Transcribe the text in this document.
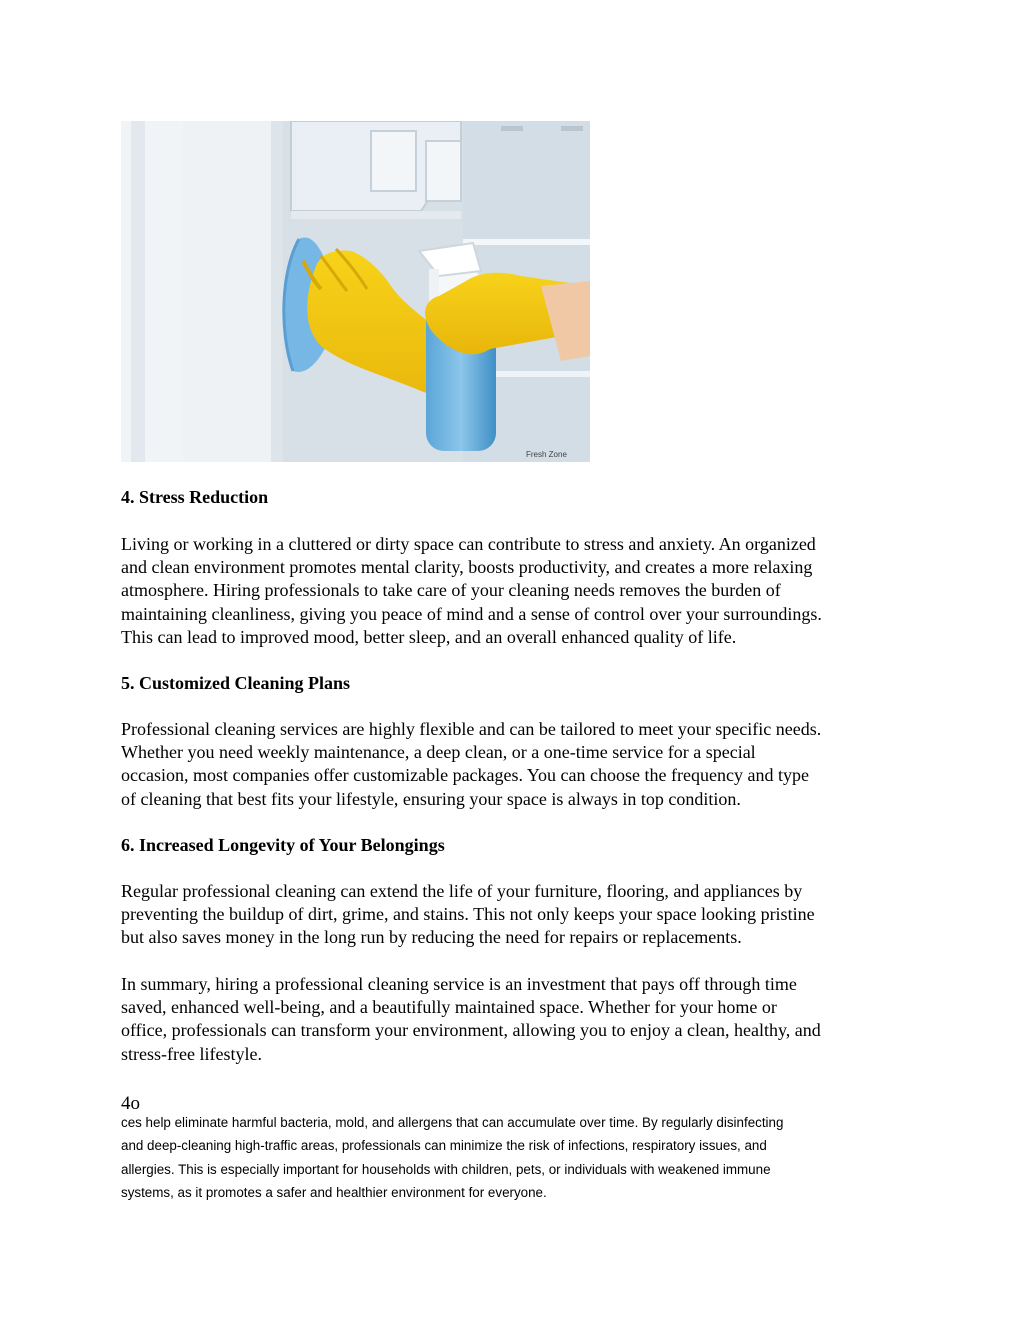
Fresh Zone
4. Stress Reduction

Living or working in a cluttered or dirty space can contribute to stress and anxiety. An organized
and clean environment promotes mental clarity, boosts productivity, and creates a more relaxing
atmosphere. Hiring professionals to take care of your cleaning needs removes the burden of
maintaining cleanliness, giving you peace of mind and a sense of control over your surroundings.
This can lead to improved mood, better sleep, and an overall enhanced quality of life.

5. Customized Cleaning Plans

Professional cleaning services are highly flexible and can be tailored to meet your specific needs.
Whether you need weekly maintenance, a deep clean, or a one-time service for a special
occasion, most companies offer customizable packages. You can choose the frequency and type
of cleaning that best fits your lifestyle, ensuring your space is always in top condition.

6. Increased Longevity of Your Belongings

Regular professional cleaning can extend the life of your furniture, flooring, and appliances by
preventing the buildup of dirt, grime, and stains. This not only keeps your space looking pristine
but also saves money in the long run by reducing the need for repairs or replacements.

In summary, hiring a professional cleaning service is an investment that pays off through time
saved, enhanced well-being, and a beautifully maintained space. Whether for your home or
office, professionals can transform your environment, allowing you to enjoy a clean, healthy, and
stress-free lifestyle.

4o

ces help eliminate harmful bacteria, mold, and allergens that can accumulate over time. By regularly disinfecting
and deep-cleaning high-traffic areas, professionals can minimize the risk of infections, respiratory issues, and
allergies. This is especially important for households with children, pets, or individuals with weakened immune
systems, as it promotes a safer and healthier environment for everyone.
